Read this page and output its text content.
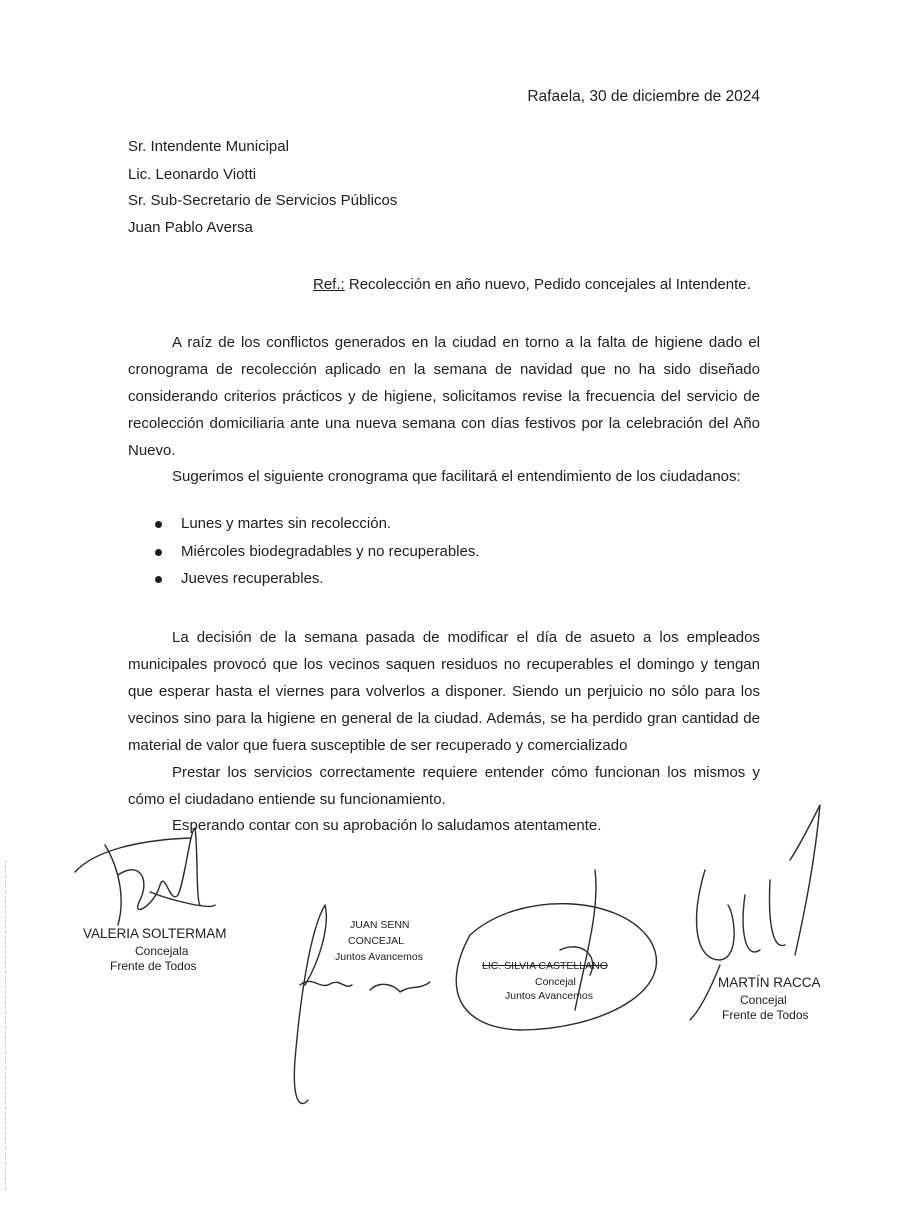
Rafaela, 30 de diciembre de 2024
Sr. Intendente Municipal
Lic. Leonardo Viotti
Sr. Sub-Secretario de Servicios Públicos
Juan Pablo Aversa
Ref.: Recolección en año nuevo, Pedido concejales al Intendente.
A raíz de los conflictos generados en la ciudad en torno a la falta de higiene dado el cronograma de recolección aplicado en la semana de navidad que no ha sido diseñado considerando criterios prácticos y de higiene, solicitamos revise la frecuencia del servicio de recolección domiciliaria ante una nueva semana con días festivos por la celebración del Año Nuevo.
Sugerimos el siguiente cronograma que facilitará el entendimiento de los ciudadanos:
Lunes y martes sin recolección.
Miércoles biodegradables y no recuperables.
Jueves recuperables.
La decisión de la semana pasada de modificar el día de asueto a los empleados municipales provocó que los vecinos saquen residuos no recuperables el domingo y tengan que esperar hasta el viernes para volverlos a disponer. Siendo un perjuicio no sólo para los vecinos sino para la higiene en general de la ciudad. Además, se ha perdido gran cantidad de material de valor que fuera susceptible de ser recuperado y comercializado
Prestar los servicios correctamente requiere entender cómo funcionan los mismos y cómo el ciudadano entiende su funcionamiento.
Esperando contar con su aprobación lo saludamos atentamente.
VALERIA SOLTERMAM
Concejala
Frente de Todos
JUAN SENN
CONCEJAL
Juntos Avancemos
LIC. SILVIA CASTELLANO
Concejal
Juntos Avancemos
MARTÍN RACCA
Concejal
Frente de Todos
